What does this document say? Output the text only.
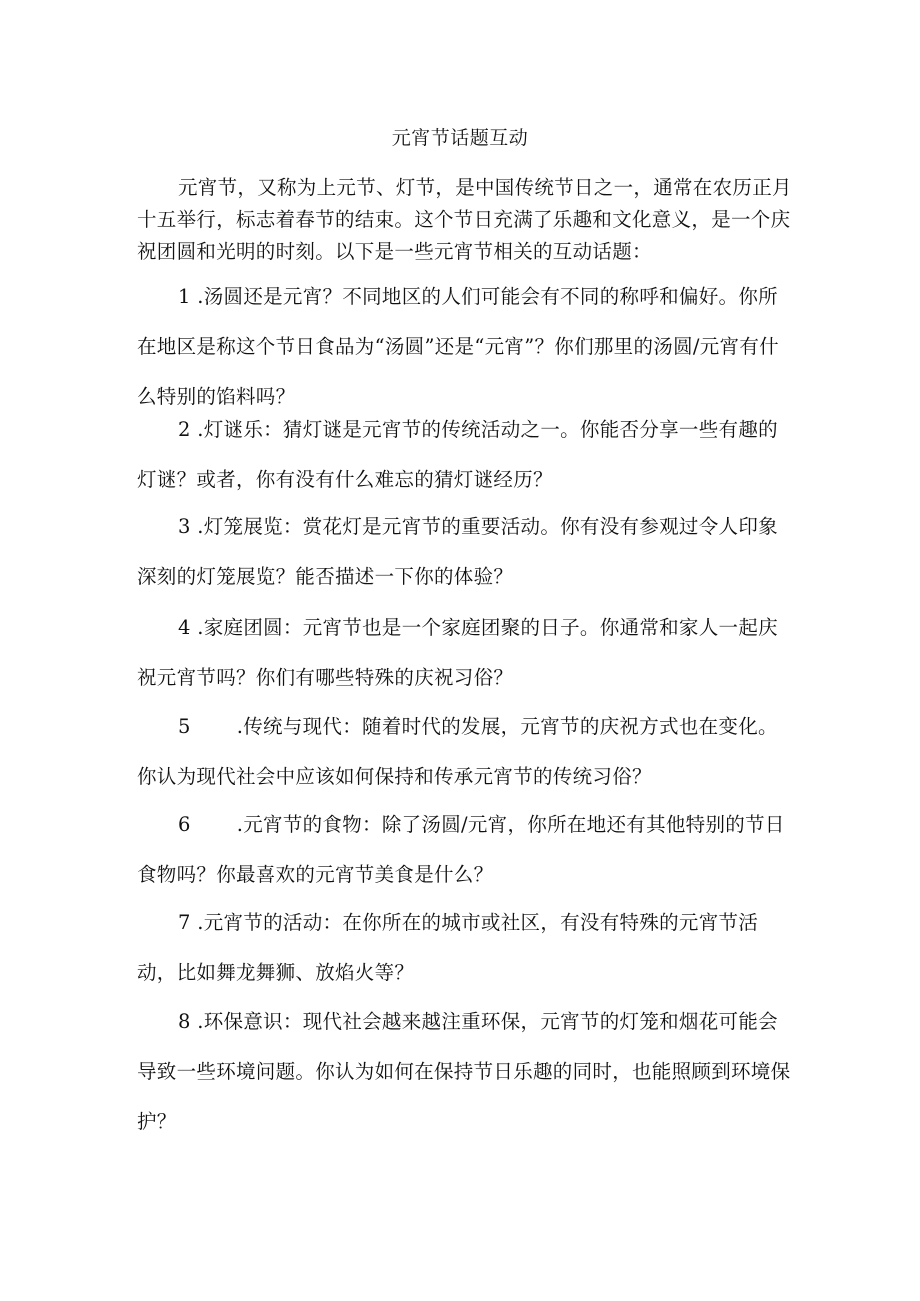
元宵节话题互动

元宵节，又称为上元节、灯节，是中国传统节日之一，通常在农历正月十五举行，标志着春节的结束。这个节日充满了乐趣和文化意义，是一个庆祝团圆和光明的时刻。以下是一些元宵节相关的互动话题：

1 .汤圆还是元宵？不同地区的人们可能会有不同的称呼和偏好。你所在地区是称这个节日食品为“汤圆”还是“元宵”？你们那里的汤圆/元宵有什么特别的馅料吗？

2 .灯谜乐：猜灯谜是元宵节的传统活动之一。你能否分享一些有趣的灯谜？或者，你有没有什么难忘的猜灯谜经历？

3 .灯笼展览：赏花灯是元宵节的重要活动。你有没有参观过令人印象深刻的灯笼展览？能否描述一下你的体验？

4 .家庭团圆：元宵节也是一个家庭团聚的日子。你通常和家人一起庆祝元宵节吗？你们有哪些特殊的庆祝习俗？

5 .传统与现代：随着时代的发展，元宵节的庆祝方式也在变化。你认为现代社会中应该如何保持和传承元宵节的传统习俗？

6 .元宵节的食物：除了汤圆/元宵，你所在地还有其他特别的节日食物吗？你最喜欢的元宵节美食是什么？

7 .元宵节的活动：在你所在的城市或社区，有没有特殊的元宵节活动，比如舞龙舞狮、放焰火等？

8 .环保意识：现代社会越来越注重环保，元宵节的灯笼和烟花可能会导致一些环境问题。你认为如何在保持节日乐趣的同时，也能照顾到环境保护？
